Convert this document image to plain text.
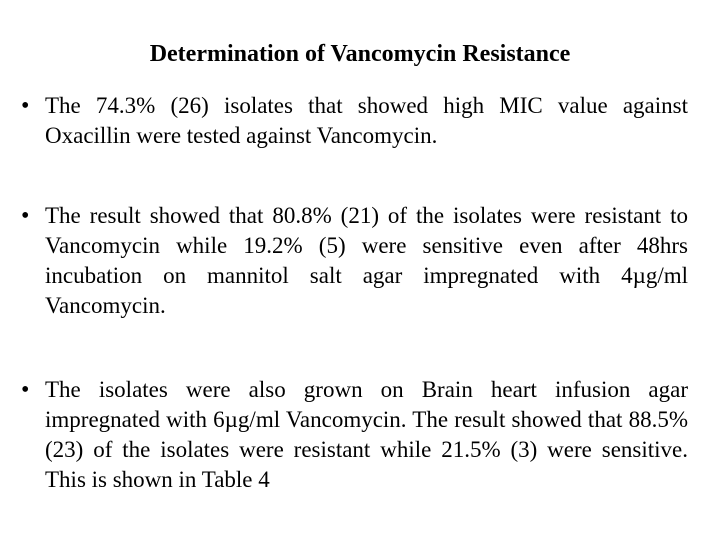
Determination of Vancomycin Resistance
• The 74.3% (26) isolates that showed high MIC value against Oxacillin were tested against Vancomycin.
• The result showed that 80.8% (21) of the isolates were resistant to Vancomycin while 19.2% (5) were sensitive even after 48hrs incubation on mannitol salt agar impregnated with 4µg/ml Vancomycin.
• The isolates were also grown on Brain heart infusion agar impregnated with 6µg/ml Vancomycin. The result showed that 88.5% (23) of the isolates were resistant while 21.5% (3) were sensitive. This is shown in Table 4
